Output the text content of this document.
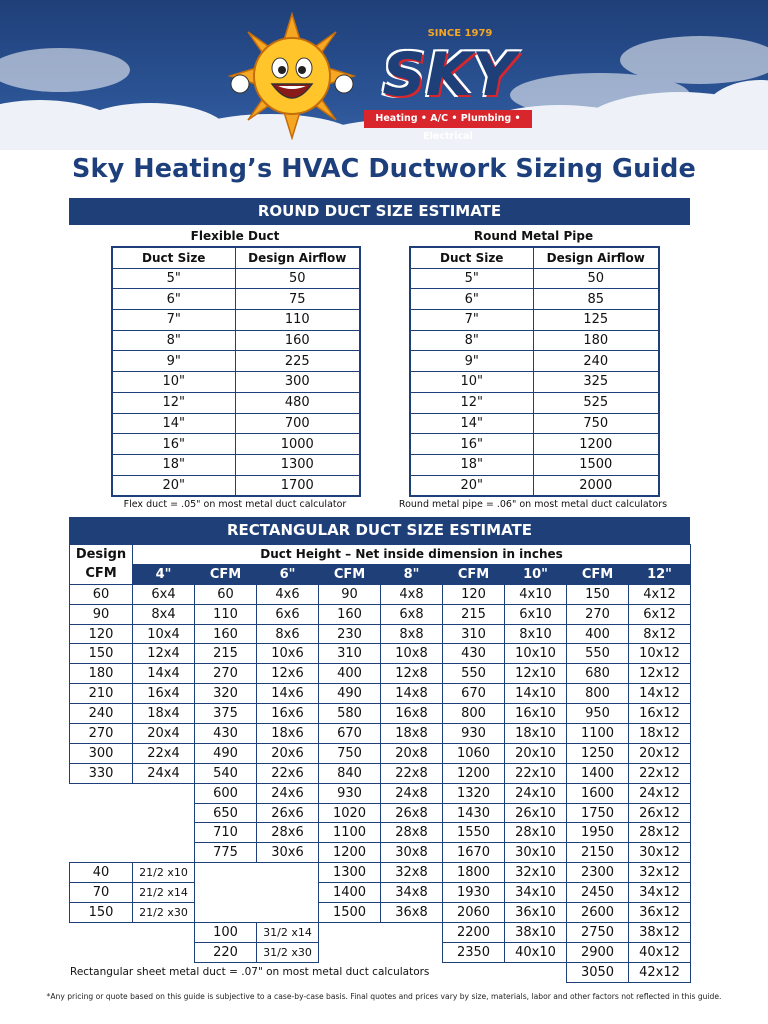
SINCE 1979
SKY
Heating • A/C • Plumbing • Electrical
Sky Heating’s HVAC Ductwork Sizing Guide
ROUND DUCT SIZE ESTIMATE
Flexible Duct	Round Metal Pipe
Duct Size	Design Airflow
5"	50
6"	75
7"	110
8"	160
9"	225
10"	300
12"	480
14"	700
16"	1000
18"	1300
20"	1700
Duct Size	Design Airflow
5"	50
6"	85
7"	125
8"	180
9"	240
10"	325
12"	525
14"	750
16"	1200
18"	1500
20"	2000
Flex duct = .05" on most metal duct calculator	Round metal pipe = .06" on most metal duct calculators
RECTANGULAR DUCT SIZE ESTIMATE
Design
CFM	Duct Height – Net inside dimension in inches								
	4"	CFM	6"	CFM	8"	CFM	10"	CFM	12"
60	6x4	60	4x6	90	4x8	120	4x10	150	4x12
90	8x4	110	6x6	160	6x8	215	6x10	270	6x12
120	10x4	160	8x6	230	8x8	310	8x10	400	8x12
150	12x4	215	10x6	310	10x8	430	10x10	550	10x12
180	14x4	270	12x6	400	12x8	550	12x10	680	12x12
210	16x4	320	14x6	490	14x8	670	14x10	800	14x12
240	18x4	375	16x6	580	16x8	800	16x10	950	16x12
270	20x4	430	18x6	670	18x8	930	18x10	1100	18x12
300	22x4	490	20x6	750	20x8	1060	20x10	1250	20x12
330	24x4	540	22x6	840	22x8	1200	22x10	1400	22x12
		600	24x6	930	24x8	1320	24x10	1600	24x12
		650	26x6	1020	26x8	1430	26x10	1750	26x12
		710	28x6	1100	28x8	1550	28x10	1950	28x12
		775	30x6	1200	30x8	1670	30x10	2150	30x12
40	21/2 x10			1300	32x8	1800	32x10	2300	32x12
70	21/2 x14			1400	34x8	1930	34x10	2450	34x12
150	21/2 x30			1500	36x8	2060	36x10	2600	36x12
		100	31/2 x14			2200	38x10	2750	38x12
		220	31/2 x30			2350	40x10	2900	40x12
								3050	42x12
Rectangular sheet metal duct = .07" on most metal duct calculators
*Any pricing or quote based on this guide is subjective to a case-by-case basis. Final quotes and prices vary by size, materials, labor and other factors not reflected in this guide.
